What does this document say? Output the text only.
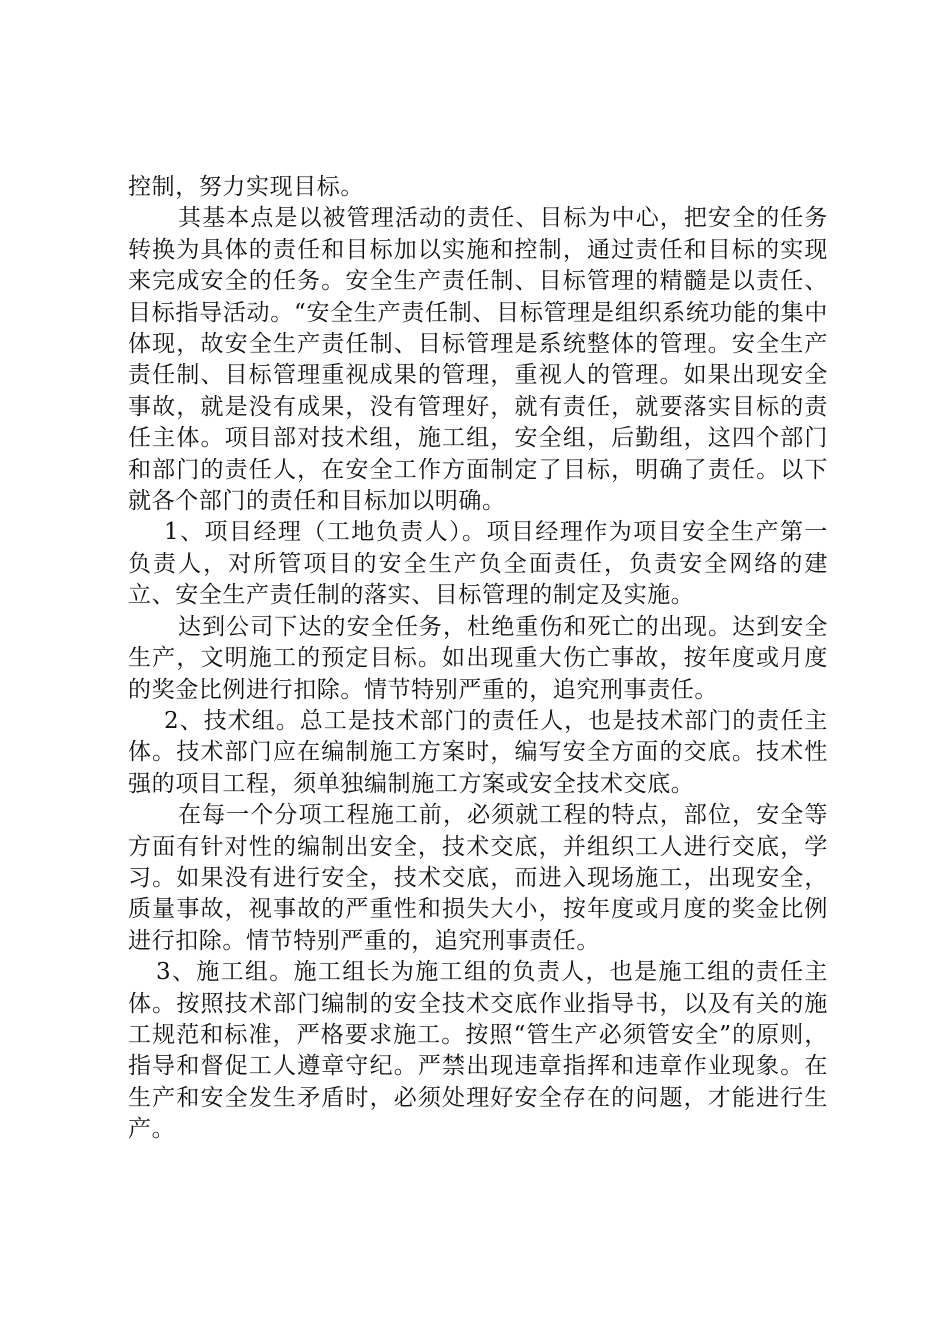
控制，努力实现目标。

其基本点是以被管理活动的责任、目标为中心，把安全的任务转换为具体的责任和目标加以实施和控制，通过责任和目标的实现来完成安全的任务。安全生产责任制、目标管理的精髓是以责任、目标指导活动。“安全生产责任制、目标管理是组织系统功能的集中体现，故安全生产责任制、目标管理是系统整体的管理。安全生产责任制、目标管理重视成果的管理，重视人的管理。如果出现安全事故，就是没有成果，没有管理好，就有责任，就要落实目标的责任主体。项目部对技术组，施工组，安全组，后勤组，这四个部门和部门的责任人，在安全工作方面制定了目标，明确了责任。以下就各个部门的责任和目标加以明确。

1、项目经理（工地负责人）。项目经理作为项目安全生产第一负责人，对所管项目的安全生产负全面责任，负责安全网络的建立、安全生产责任制的落实、目标管理的制定及实施。

达到公司下达的安全任务，杜绝重伤和死亡的出现。达到安全生产，文明施工的预定目标。如出现重大伤亡事故，按年度或月度的奖金比例进行扣除。情节特别严重的，追究刑事责任。

2、技术组。总工是技术部门的责任人，也是技术部门的责任主体。技术部门应在编制施工方案时，编写安全方面的交底。技术性强的项目工程，须单独编制施工方案或安全技术交底。

在每一个分项工程施工前，必须就工程的特点，部位，安全等方面有针对性的编制出安全，技术交底，并组织工人进行交底，学习。如果没有进行安全，技术交底，而进入现场施工，出现安全，质量事故，视事故的严重性和损失大小，按年度或月度的奖金比例进行扣除。情节特别严重的，追究刑事责任。

3、施工组。施工组长为施工组的负责人，也是施工组的责任主体。按照技术部门编制的安全技术交底作业指导书，以及有关的施工规范和标准，严格要求施工。按照“管生产必须管安全”的原则，指导和督促工人遵章守纪。严禁出现违章指挥和违章作业现象。在生产和安全发生矛盾时，必须处理好安全存在的问题，才能进行生产。
